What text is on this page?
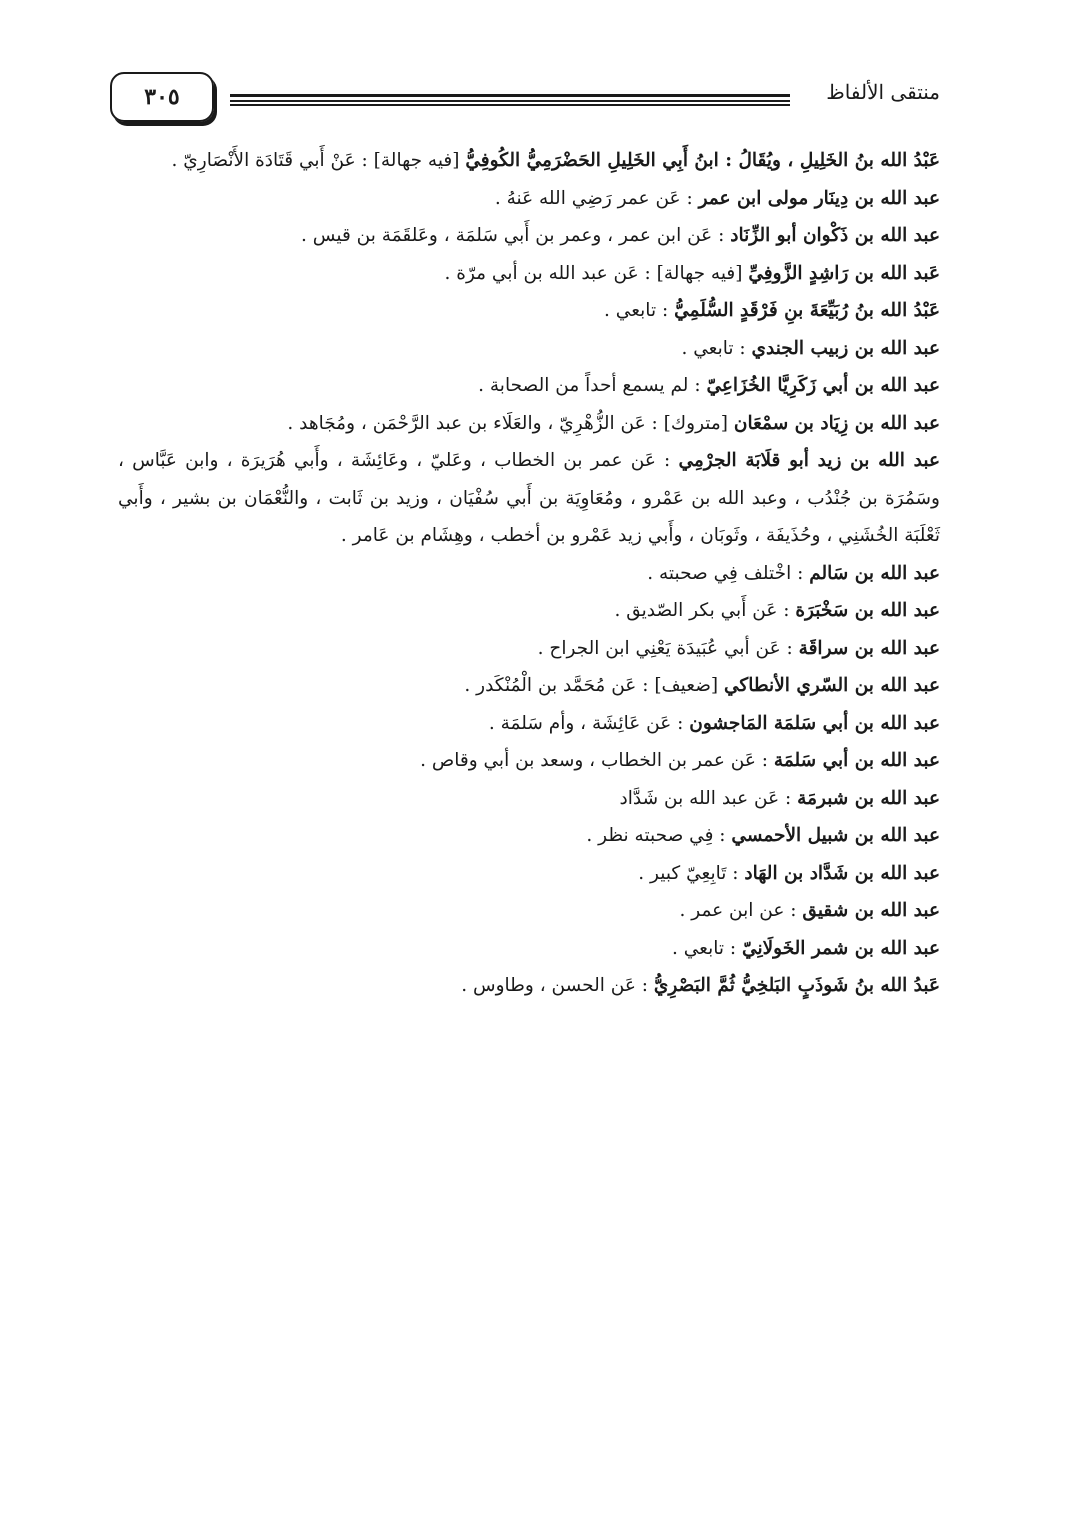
٣٠٥	منتقى الألفاظ

عَبْدُ الله بنُ الخَلِيلِ ، ويُقَالُ : ابنُ أَبِي الخَلِيلِ الحَضْرَمِيُّ الكُوفِيُّ [فيه جهالة] : عَنْ أَبي قَتَادَة الأَنْصَارِيّ .

عبد الله بن دِينَار مولى ابن عمر : عَن عمر رَضِي الله عَنهُ .

عبد الله بن ذَكْوان أبو الزِّنَاد : عَن ابن عمر ، وعمر بن أَبي سَلمَة ، وعَلقَمَة بن قيس .

عَبد الله بن رَاشِدٍ الزَّوفِيِّ [فيه جهالة] : عَن عبد الله بن أبي مرّة .

عَبْدُ الله بنُ رُبَيِّعَةَ بنِ فَرْقَدٍ السُّلَمِيُّ : تابعي .

عبد الله بن زبيب الجندي : تابعي .

عبد الله بن أبي زَكَرِيَّا الخُزَاعِيّ : لم يسمع أحداً من الصحابة .

عبد الله بن زِيَاد بن سمْعَان [متروك] : عَن الزُّهْرِيّ ، والعَلَاء بن عبد الرَّحْمَن ، ومُجَاهد .

عبد الله بن زيد أبو قلَابَة الجرْمِي : عَن عمر بن الخطاب ، وعَليّ ، وعَائِشَة ، وأَبي هُرَيرَة ، وابن عَبَّاس ، وسَمُرَة بن جُنْدُب ، وعبد الله بن عَمْرو ، ومُعَاوِيَة بن أَبي سُفْيَان ، وزيد بن ثَابت ، والنُّعْمَان بن بشير ، وأَبي ثَعْلَبَة الخُشَنِي ، وحُذَيفَة ، وثَوبَان ، وأَبي زيد عَمْرو بن أخطب ، وهِشَام بن عَامر .

عبد الله بن سَالم : اخْتلف فِي صحبته .

عبد الله بن سَخْبَرَة : عَن أَبي بكر الصّديق .

عبد الله بن سراقَة : عَن أبي عُبَيدَة يَعْنِي ابن الجراح .

عبد الله بن السّري الأنطاكي [ضعيف] : عَن مُحَمَّد بن الْمُنْكَدر .

عبد الله بن أبي سَلمَة المَاجشون : عَن عَائِشَة ، وأم سَلمَة .

عبد الله بن أبي سَلمَة : عَن عمر بن الخطاب ، وسعد بن أبي وقاص .

عبد الله بن شبرمَة : عَن عبد الله بن شَدَّاد

عبد الله بن شبيل الأحمسي : فِي صحبته نظر .

عبد الله بن شَدَّاد بن الهَاد : تَابِعِيّ كبير .

عبد الله بن شقيق : عن ابن عمر .

عبد الله بن شمر الخَولَانِيّ : تابعي .

عَبدُ الله بنُ شَوذَبٍ البَلخِيُّ ثُمَّ البَصْرِيُّ : عَن الحسن ، وطاوس .
